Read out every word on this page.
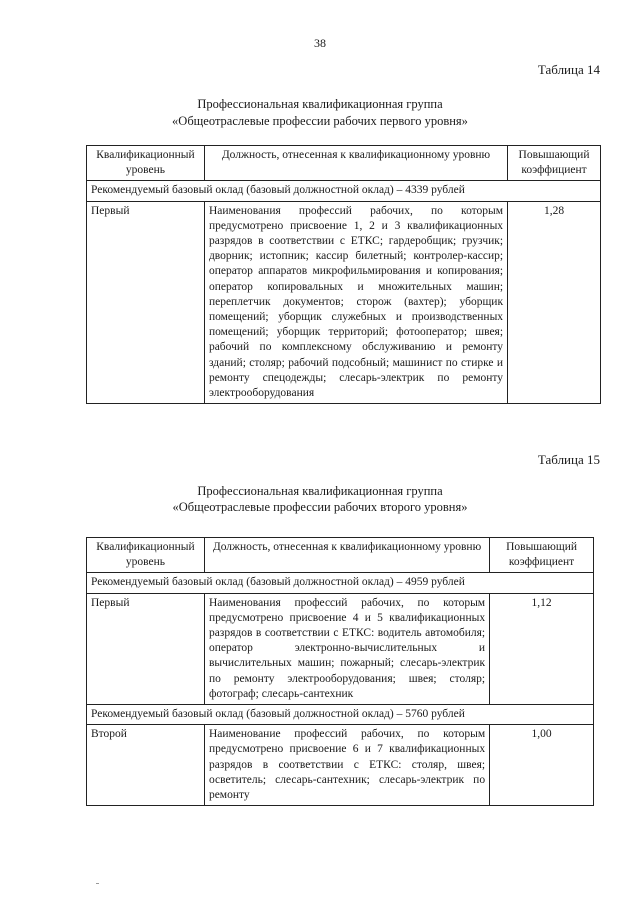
38
Таблица 14
Профессиональная квалификационная группа
«Общеотраслевые профессии рабочих первого уровня»
Квалификационный уровень	Должность, отнесенная к квалификационному уровню	Повышающий коэффициент
Рекомендуемый базовый оклад (базовый должностной оклад) – 4339 рублей		
Первый	Наименования профессий рабочих, по которым предусмотрено присвоение 1, 2 и 3 квалификационных разрядов в соответствии с ЕТКС; гардеробщик; грузчик; дворник; истопник; кассир билетный; контролер-кассир; оператор аппаратов микрофильмирования и копирования; оператор копировальных и множительных машин; переплетчик документов; сторож (вахтер); уборщик помещений; уборщик служебных и производственных помещений; уборщик территорий; фотооператор; швея; рабочий по комплексному обслуживанию и ремонту зданий; столяр; рабочий подсобный; машинист по стирке и ремонту спецодежды; слесарь-электрик по ремонту электрооборудования	1,28
Таблица 15
Профессиональная квалификационная группа
«Общеотраслевые профессии рабочих второго уровня»
Квалификационный уровень	Должность, отнесенная к квалификационному уровню	Повышающий коэффициент
Рекомендуемый базовый оклад (базовый должностной оклад) – 4959 рублей		
Первый	Наименования профессий рабочих, по которым предусмотрено присвоение 4 и 5 квалификационных разрядов в соответствии с ЕТКС: водитель автомобиля; оператор электронно-вычислительных и вычислительных машин; пожарный; слесарь-электрик по ремонту электрооборудования; швея; столяр; фотограф; слесарь-сантехник	1,12
Рекомендуемый базовый оклад (базовый должностной оклад) – 5760 рублей		
Второй	Наименование профессий рабочих, по которым предусмотрено присвоение 6 и 7 квалификационных разрядов в соответствии с ЕТКС: столяр, швея; осветитель; слесарь-сантехник; слесарь-электрик по ремонту	1,00
